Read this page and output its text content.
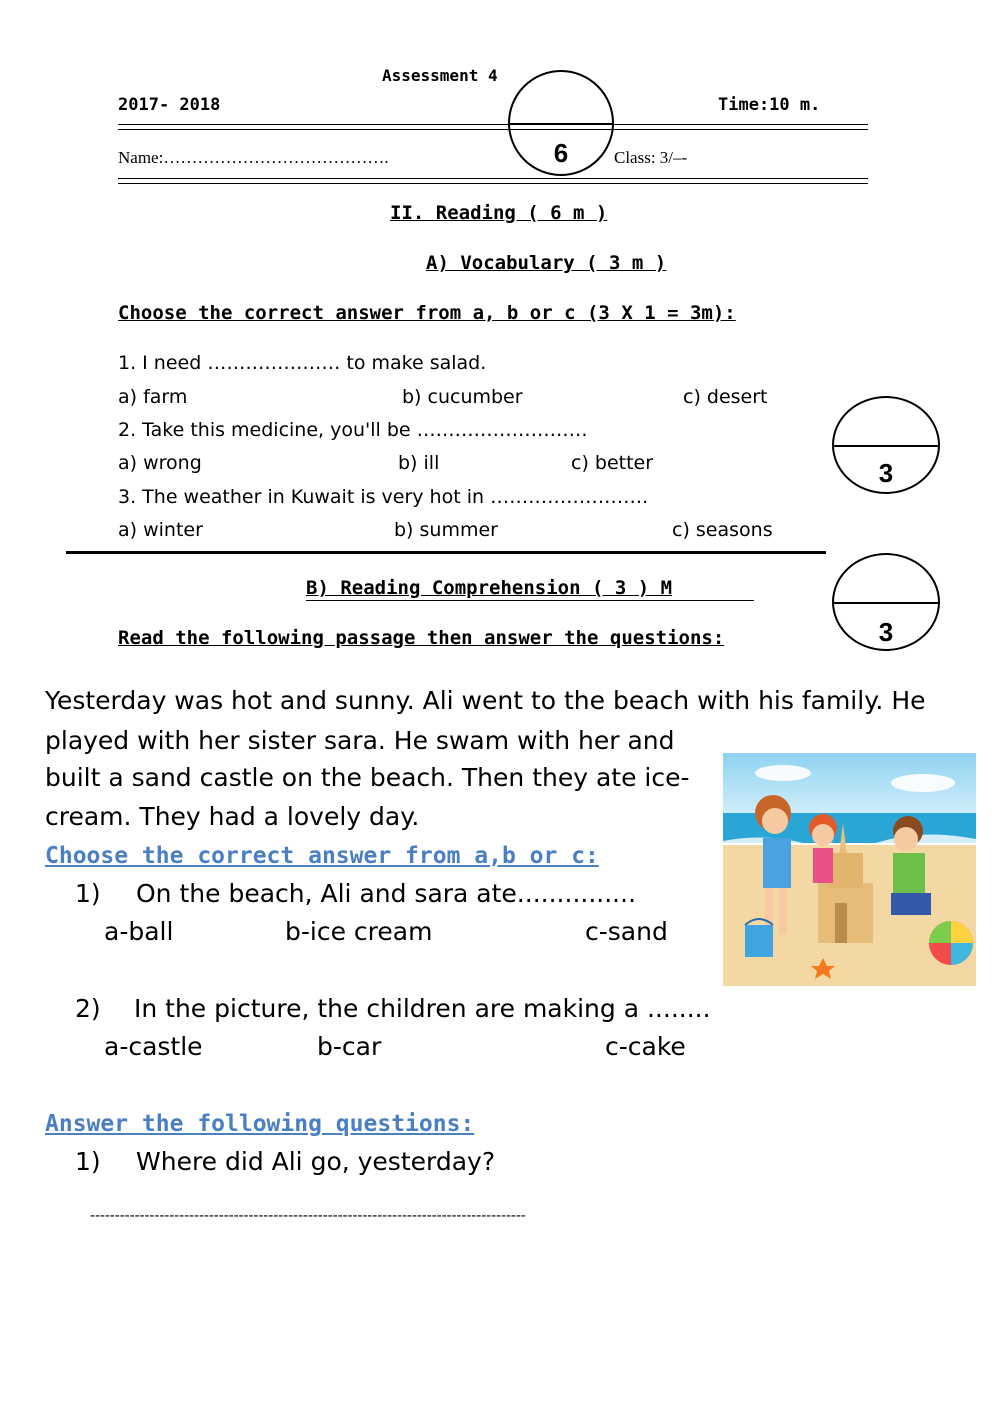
Assessment 4
2017- 2018	Time:10 m.
Name:………………………………….	Class: 3/–-
6
II. Reading ( 6 m )
A) Vocabulary ( 3 m )
Choose the correct answer from a, b or c (3 X 1 = 3m):
1. I need ………………… to make salad.
a) farm	b) cucumber	c) desert
2. Take this medicine, you'll be ………………………
a) wrong	b) ill	c) better
3. The weather in Kuwait is very hot in …………………….
a) winter	b) summer	c) seasons
3
B) Reading Comprehension ( 3 ) M
Read the following passage then answer the questions:	3
Yesterday was hot and sunny. Ali went to the beach with his family. He
played with her sister sara. He swam with her and
built a sand castle on the beach. Then they ate ice-
cream. They had a lovely day.
Choose the correct answer from a,b or c:
1) On the beach, Ali and sara ate...............
a-ball	b-ice cream	c-sand
2) In the picture, the children are making a ........
a-castle	b-car	c-cake
Answer the following questions:
1) Where did Ali go, yesterday?
----------------------------------------------------------------------------------------
